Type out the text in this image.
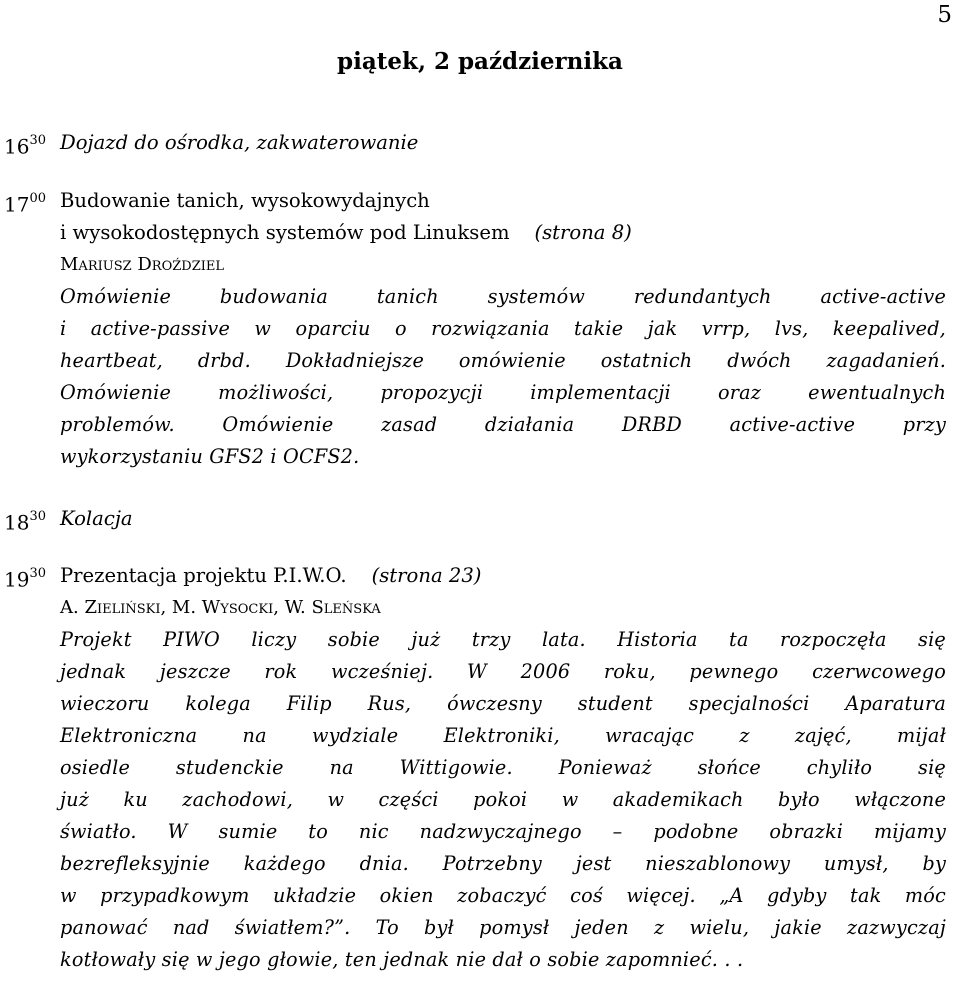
5
piątek, 2 października
$16^{30}$ Dojazd do ośrodka, zakwaterowanie
$17^{00}$ Budowanie tanich, wysokowydajnych
i wysokodostępnych systemów pod Linuksem (strona 8)
Mariusz Droździel
Omówienie budowania tanich systemów redundantych active-active
i active-passive w oparciu o rozwiązania takie jak vrrp, lvs, keepalived,
heartbeat, drbd. Dokładniejsze omówienie ostatnich dwóch zagadanień.
Omówienie możliwości, propozycji implementacji oraz ewentualnych
problemów. Omówienie zasad działania DRBD active-active przy
wykorzystaniu GFS2 i OCFS2.
$18^{30}$ Kolacja
$19^{30}$ Prezentacja projektu P.I.W.O. (strona 23)
A. Zieliński, M. Wysocki, W. Sleńska
Projekt PIWO liczy sobie już trzy lata. Historia ta rozpoczęła się
jednak jeszcze rok wcześniej. W 2006 roku, pewnego czerwcowego
wieczoru kolega Filip Rus, ówczesny student specjalności Aparatura
Elektroniczna na wydziale Elektroniki, wracając z zajęć, mijał
osiedle studenckie na Wittigowie. Ponieważ słońce chyliło się
już ku zachodowi, w części pokoi w akademikach było włączone
światło. W sumie to nic nadzwyczajnego – podobne obrazki mijamy
bezrefleksyjnie każdego dnia. Potrzebny jest nieszablonowy umysł, by
w przypadkowym układzie okien zobaczyć coś więcej. „A gdyby tak móc
panować nad światłem?”. To był pomysł jeden z wielu, jakie zazwyczaj
kotłowały się w jego głowie, ten jednak nie dał o sobie zapomnieć. . .
